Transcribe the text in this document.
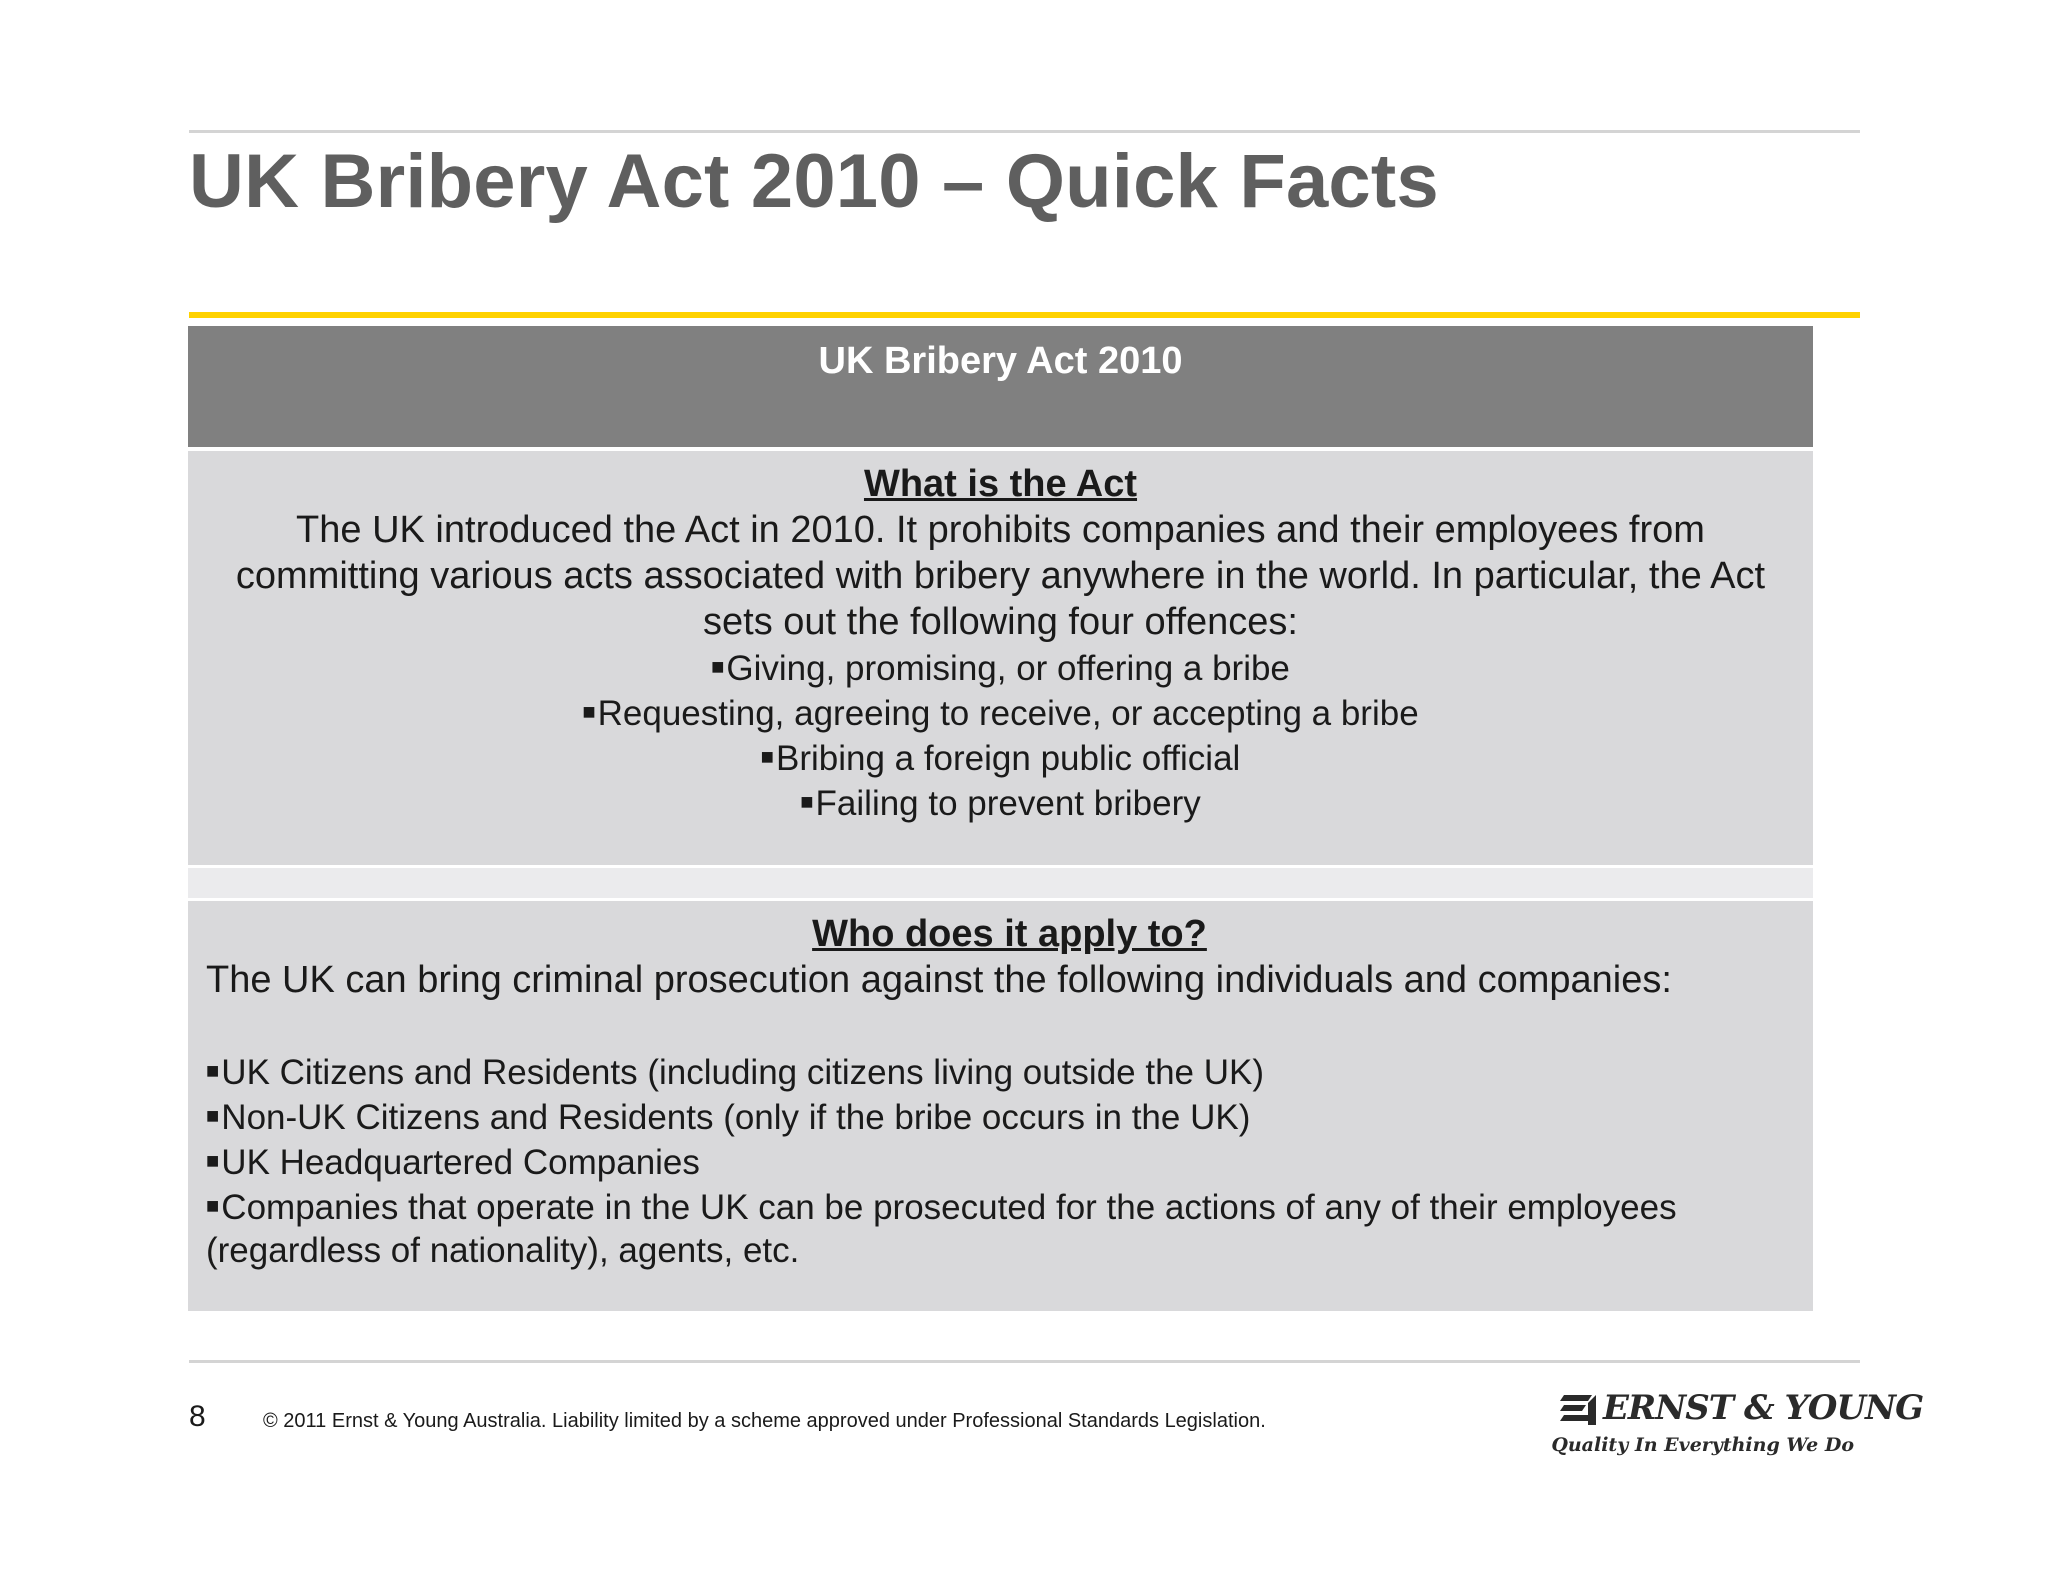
UK Bribery Act 2010 – Quick Facts
UK Bribery Act 2010

What is the Act

The UK introduced the Act in 2010. It prohibits companies and their employees from committing various acts associated with bribery anywhere in the world. In particular, the Act sets out the following four offences:

■Giving, promising, or offering a bribe
■Requesting, agreeing to receive, or accepting a bribe
■Bribing a foreign public official
■Failing to prevent bribery

Who does it apply to?

The UK can bring criminal prosecution against the following individuals and companies:

■UK Citizens and Residents (including citizens living outside the UK)
■Non-UK Citizens and Residents (only if the bribe occurs in the UK)
■UK Headquartered Companies
■Companies that operate in the UK can be prosecuted for the actions of any of their employees (regardless of nationality), agents, etc.
8	© 2011 Ernst & Young Australia. Liability limited by a scheme approved under Professional Standards Legislation.	ERNST & YOUNG
Quality In Everything We Do
